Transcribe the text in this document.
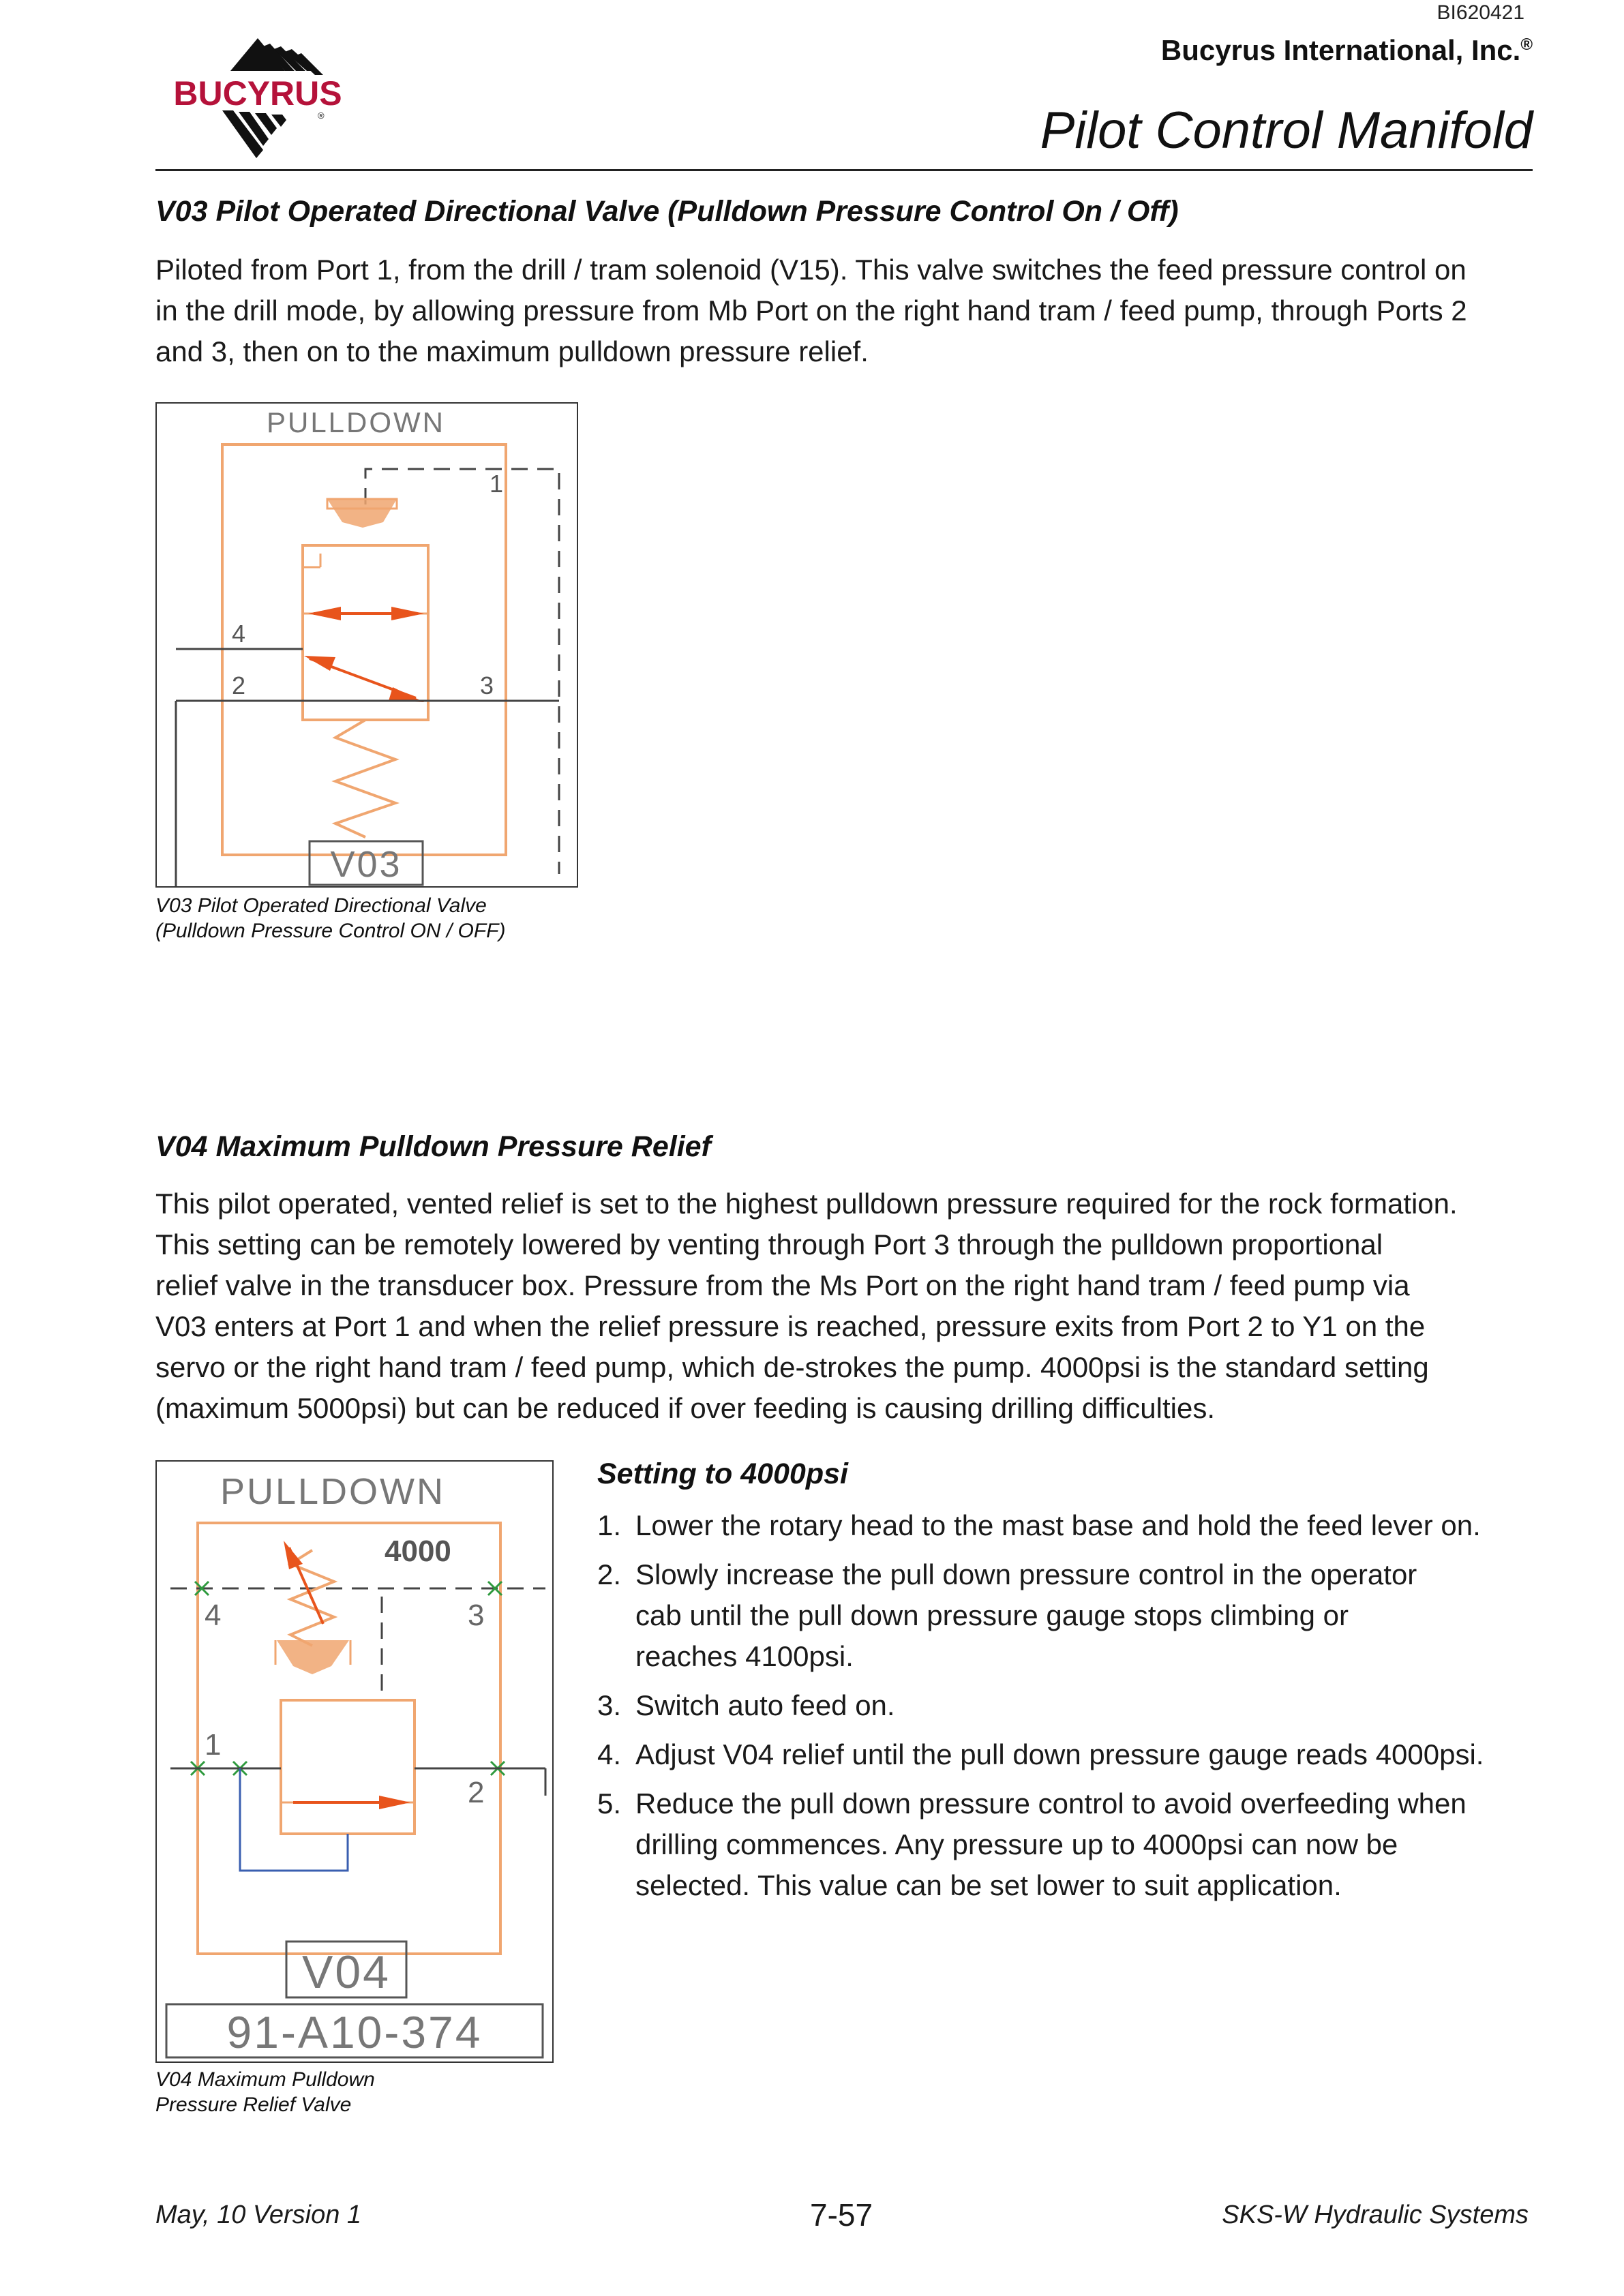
BI620421
Bucyrus International, Inc.®
Pilot Control Manifold
BUCYRUS
®
V03 Pilot Operated Directional Valve (Pulldown Pressure Control On / Off)

Piloted from Port 1, from the drill / tram solenoid (V15). This valve switches the feed pressure control on

in the drill mode, by allowing pressure from Mb Port on the right hand tram / feed pump, through Ports 2

and 3, then on to the maximum pulldown pressure relief.

PULLDOWN
1
4
2	3
V03
V03 Pilot Operated Directional Valve
(Pulldown Pressure Control ON / OFF)
V04 Maximum Pulldown Pressure Relief

This pilot operated, vented relief is set to the highest pulldown pressure required for the rock formation.

This setting can be remotely lowered by venting through Port 3 through the pulldown proportional

relief valve in the transducer box. Pressure from the Ms Port on the right hand tram / feed pump via

V03 enters at Port 1 and when the relief pressure is reached, pressure exits from Port 2 to Y1 on the

servo or the right hand tram / feed pump, which de-strokes the pump. 4000psi is the standard setting

(maximum 5000psi) but can be reduced if over feeding is causing drilling difficulties.

PULLDOWN
4000
4	3
1
2
V04
91-A10-374
V04 Maximum Pulldown
Pressure Relief Valve
Setting to 4000psi
1. Lower the rotary head to the mast base and hold the feed lever on.
2. Slowly increase the pull down pressure control in the operator
cab until the pull down pressure gauge stops climbing or
reaches 4100psi.
3. Switch auto feed on.
4. Adjust V04 relief until the pull down pressure gauge reads 4000psi.
5. Reduce the pull down pressure control to avoid overfeeding when
drilling commences. Any pressure up to 4000psi can now be
selected. This value can be set lower to suit application.
May, 10 Version 1	7-57	SKS-W Hydraulic Systems
